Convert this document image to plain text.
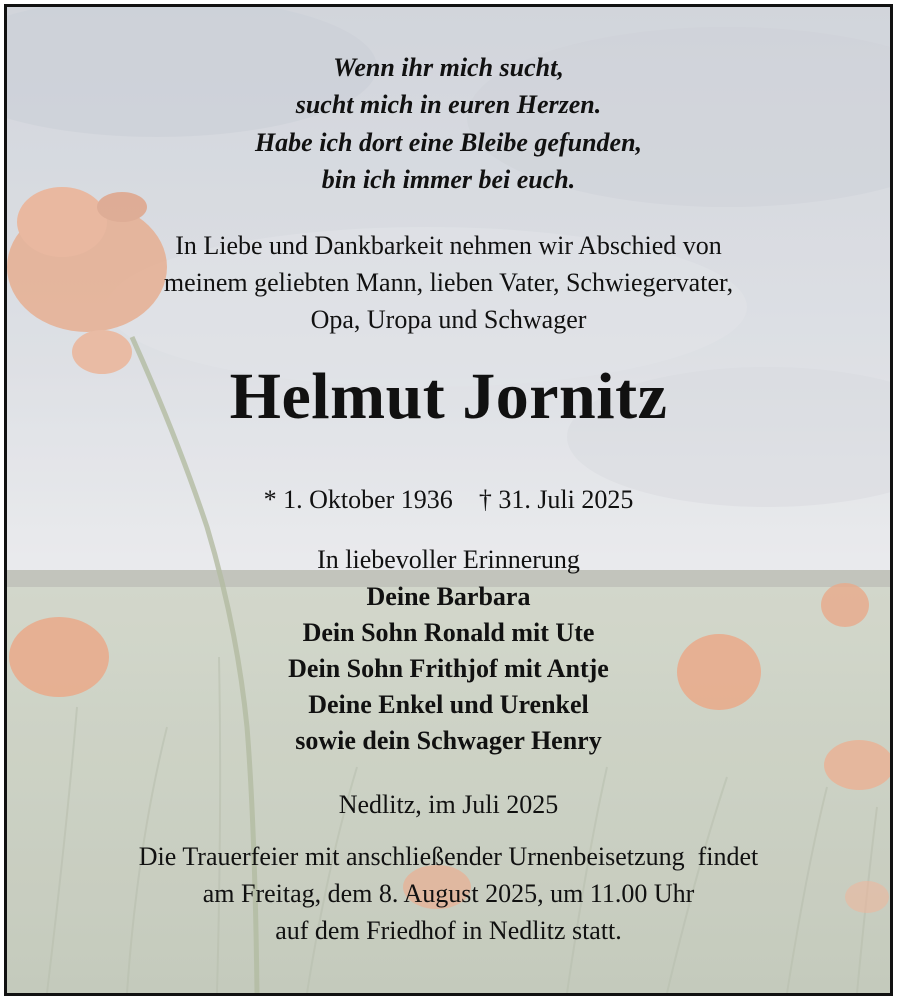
Wenn ihr mich sucht,
sucht mich in euren Herzen.
Habe ich dort eine Bleibe gefunden,
bin ich immer bei euch.
In Liebe und Dankbarkeit nehmen wir Abschied von
meinem geliebten Mann, lieben Vater, Schwiegervater,
Opa, Uropa und Schwager
Helmut Jornitz
* 1. Oktober 1936 † 31. Juli 2025
In liebevoller Erinnerung
Deine Barbara
Dein Sohn Ronald mit Ute
Dein Sohn Frithjof mit Antje
Deine Enkel und Urenkel
sowie dein Schwager Henry
Nedlitz, im Juli 2025
Die Trauerfeier mit anschließender Urnenbeisetzung  findet
am Freitag, dem 8. August 2025, um 11.00 Uhr
auf dem Friedhof in Nedlitz statt.
